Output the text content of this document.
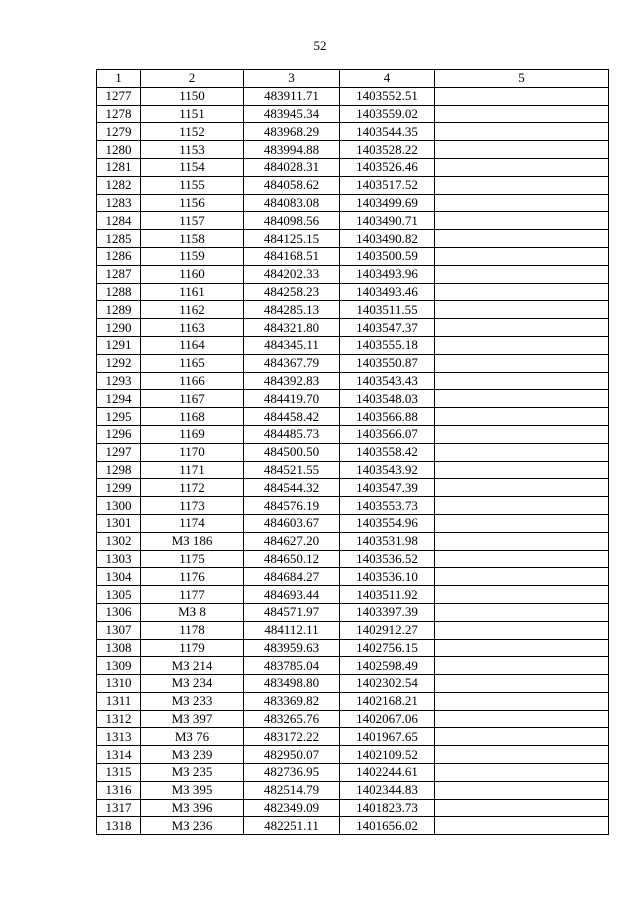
52
1	2	3	4	5
1277	1150	483911.71	1403552.51	
1278	1151	483945.34	1403559.02	
1279	1152	483968.29	1403544.35	
1280	1153	483994.88	1403528.22	
1281	1154	484028.31	1403526.46	
1282	1155	484058.62	1403517.52	
1283	1156	484083.08	1403499.69	
1284	1157	484098.56	1403490.71	
1285	1158	484125.15	1403490.82	
1286	1159	484168.51	1403500.59	
1287	1160	484202.33	1403493.96	
1288	1161	484258.23	1403493.46	
1289	1162	484285.13	1403511.55	
1290	1163	484321.80	1403547.37	
1291	1164	484345.11	1403555.18	
1292	1165	484367.79	1403550.87	
1293	1166	484392.83	1403543.43	
1294	1167	484419.70	1403548.03	
1295	1168	484458.42	1403566.88	
1296	1169	484485.73	1403566.07	
1297	1170	484500.50	1403558.42	
1298	1171	484521.55	1403543.92	
1299	1172	484544.32	1403547.39	
1300	1173	484576.19	1403553.73	
1301	1174	484603.67	1403554.96	
1302	МЗ 186	484627.20	1403531.98	
1303	1175	484650.12	1403536.52	
1304	1176	484684.27	1403536.10	
1305	1177	484693.44	1403511.92	
1306	МЗ 8	484571.97	1403397.39	
1307	1178	484112.11	1402912.27	
1308	1179	483959.63	1402756.15	
1309	МЗ 214	483785.04	1402598.49	
1310	МЗ 234	483498.80	1402302.54	
1311	МЗ 233	483369.82	1402168.21	
1312	МЗ 397	483265.76	1402067.06	
1313	МЗ 76	483172.22	1401967.65	
1314	МЗ 239	482950.07	1402109.52	
1315	МЗ 235	482736.95	1402244.61	
1316	МЗ 395	482514.79	1402344.83	
1317	МЗ 396	482349.09	1401823.73	
1318	МЗ 236	482251.11	1401656.02	
